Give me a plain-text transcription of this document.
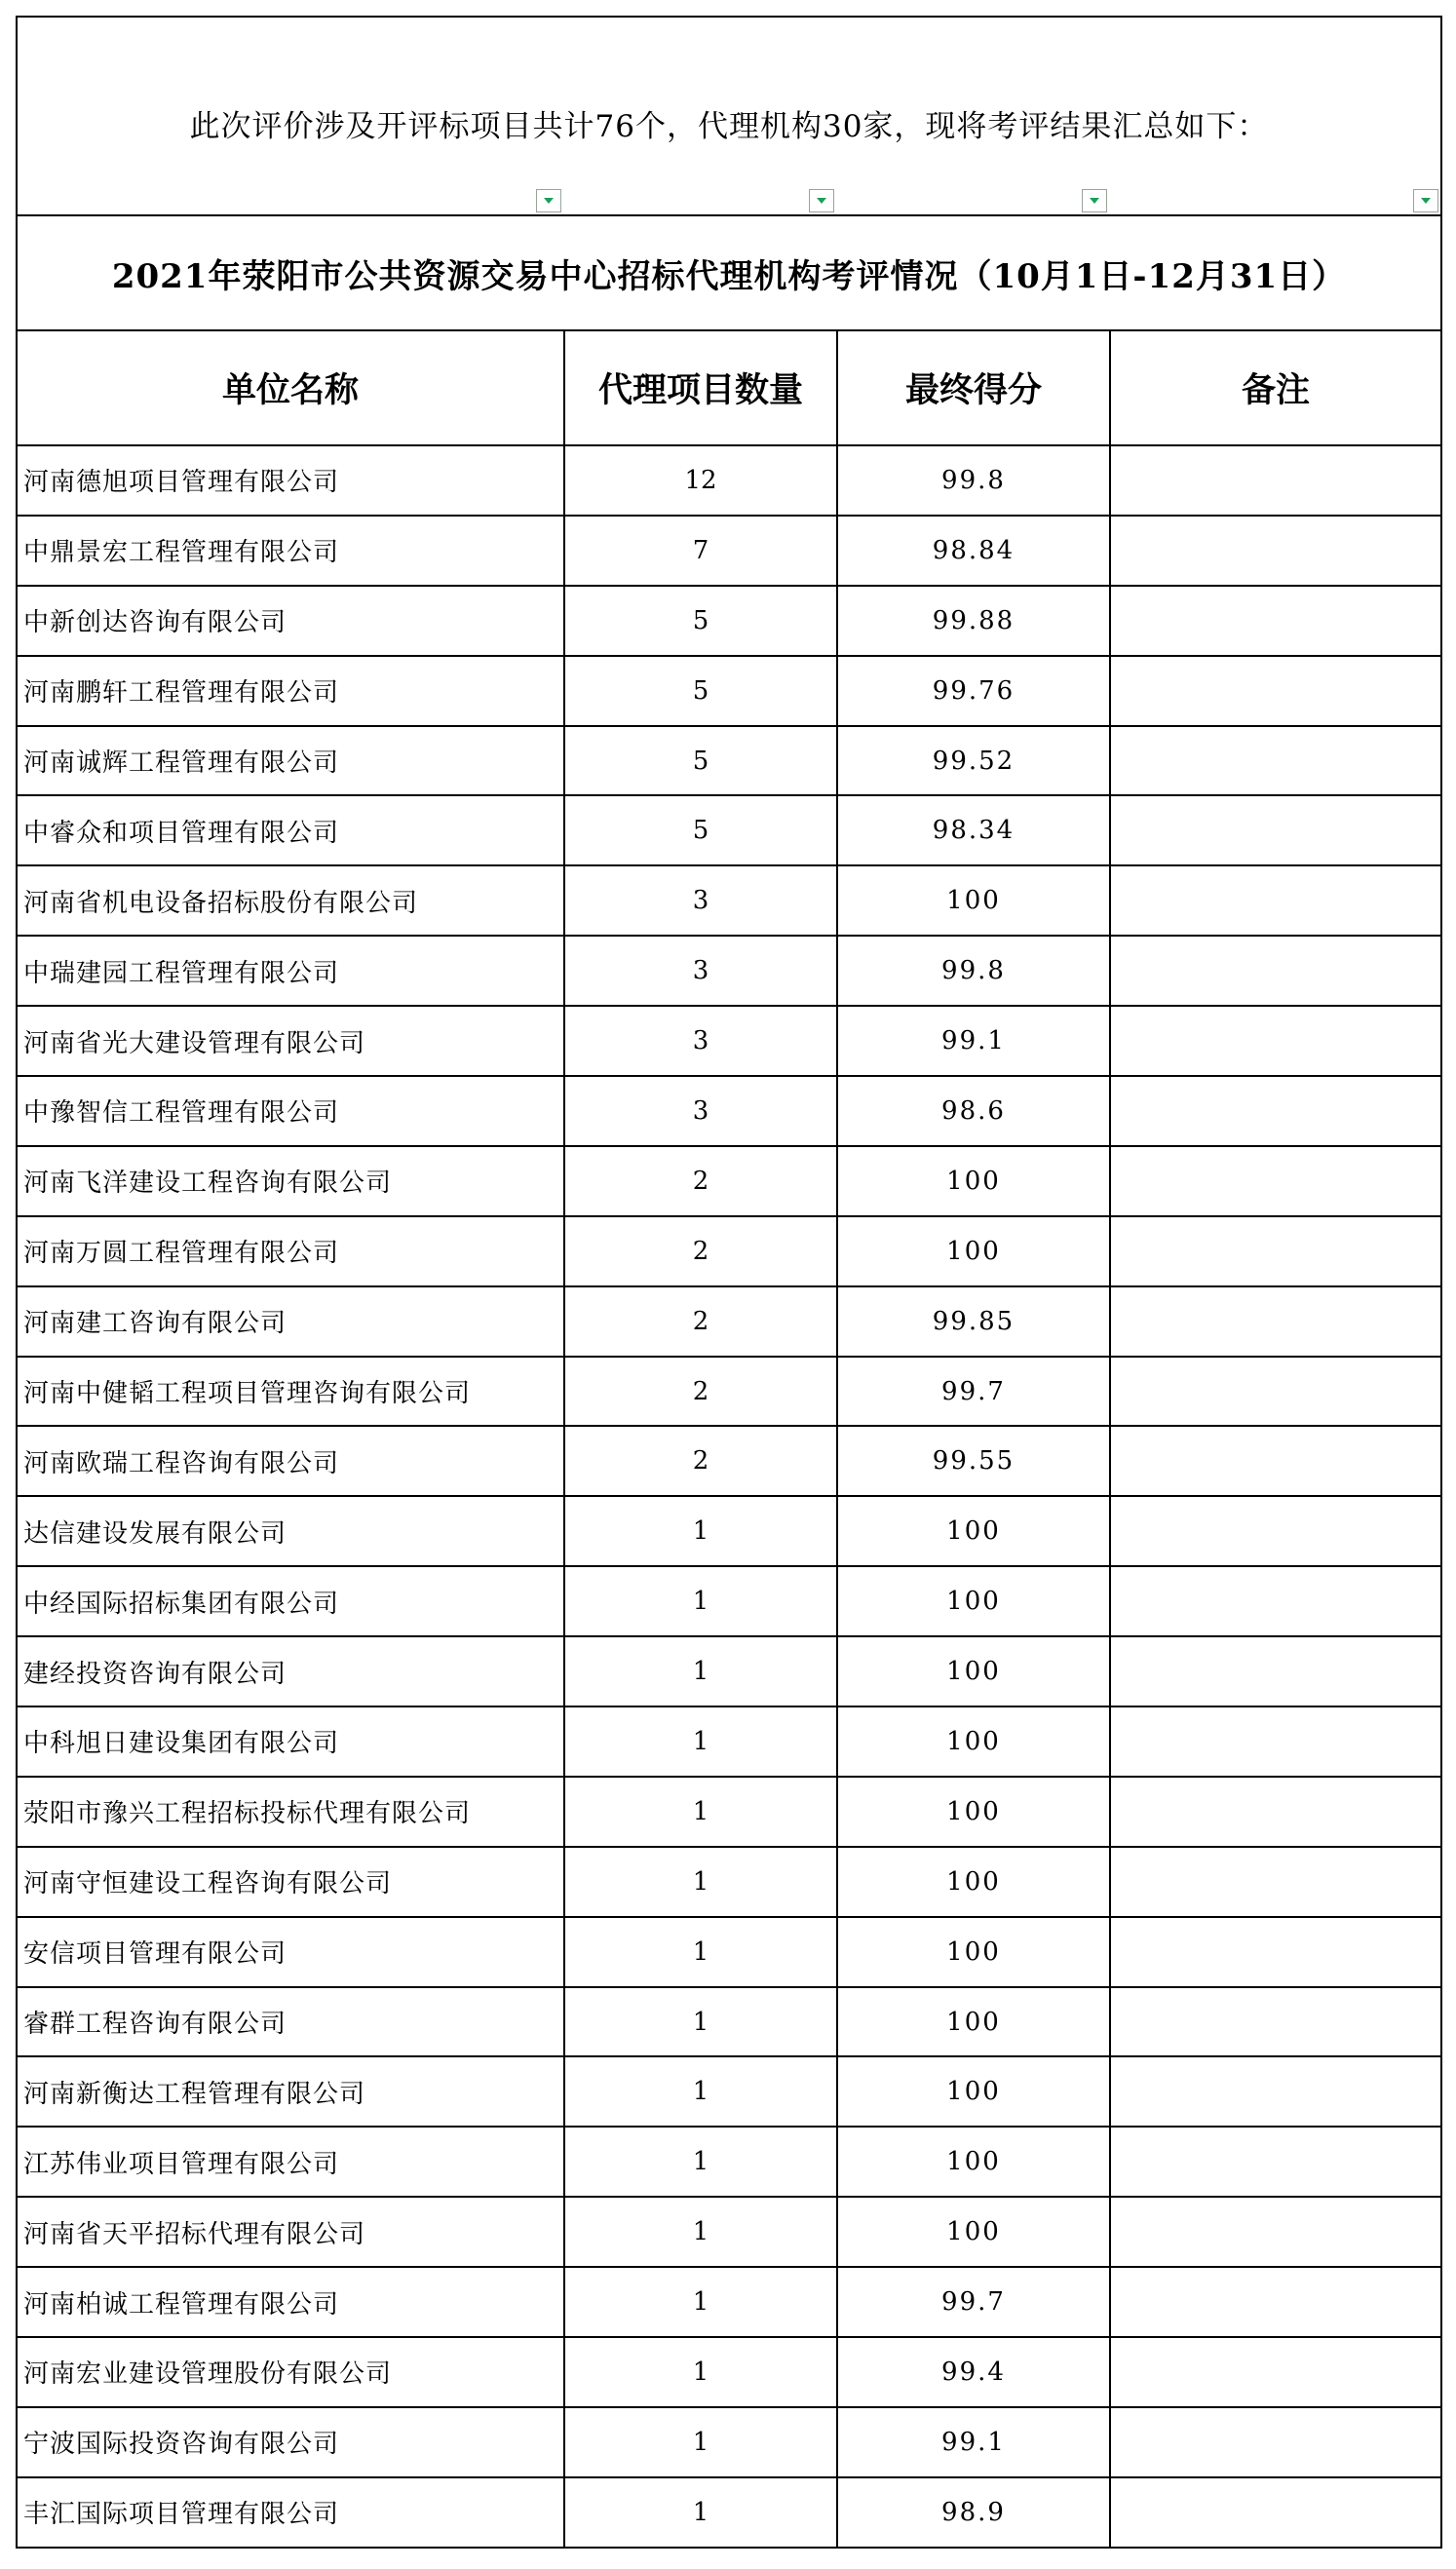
此次评价涉及开评标项目共计76个，代理机构30家，现将考评结果汇总如下：			

2021年荥阳市公共资源交易中心招标代理机构考评情况（10月1日-12月31日）			
单位名称	代理项目数量	最终得分	备注
河南德旭项目管理有限公司	12	99.8	
中鼎景宏工程管理有限公司	7	98.84	
中新创达咨询有限公司	5	99.88	
河南鹏轩工程管理有限公司	5	99.76	
河南诚辉工程管理有限公司	5	99.52	
中睿众和项目管理有限公司	5	98.34	
河南省机电设备招标股份有限公司	3	100	
中瑞建园工程管理有限公司	3	99.8	
河南省光大建设管理有限公司	3	99.1	
中豫智信工程管理有限公司	3	98.6	
河南飞洋建设工程咨询有限公司	2	100	
河南万圆工程管理有限公司	2	100	
河南建工咨询有限公司	2	99.85	
河南中健韬工程项目管理咨询有限公司	2	99.7	
河南欧瑞工程咨询有限公司	2	99.55	
达信建设发展有限公司	1	100	
中经国际招标集团有限公司	1	100	
建经投资咨询有限公司	1	100	
中科旭日建设集团有限公司	1	100	
荥阳市豫兴工程招标投标代理有限公司	1	100	
河南守恒建设工程咨询有限公司	1	100	
安信项目管理有限公司	1	100	
睿群工程咨询有限公司	1	100	
河南新衡达工程管理有限公司	1	100	
江苏伟业项目管理有限公司	1	100	
河南省天平招标代理有限公司	1	100	
河南柏诚工程管理有限公司	1	99.7	
河南宏业建设管理股份有限公司	1	99.4	
宁波国际投资咨询有限公司	1	99.1	
丰汇国际项目管理有限公司	1	98.9	
